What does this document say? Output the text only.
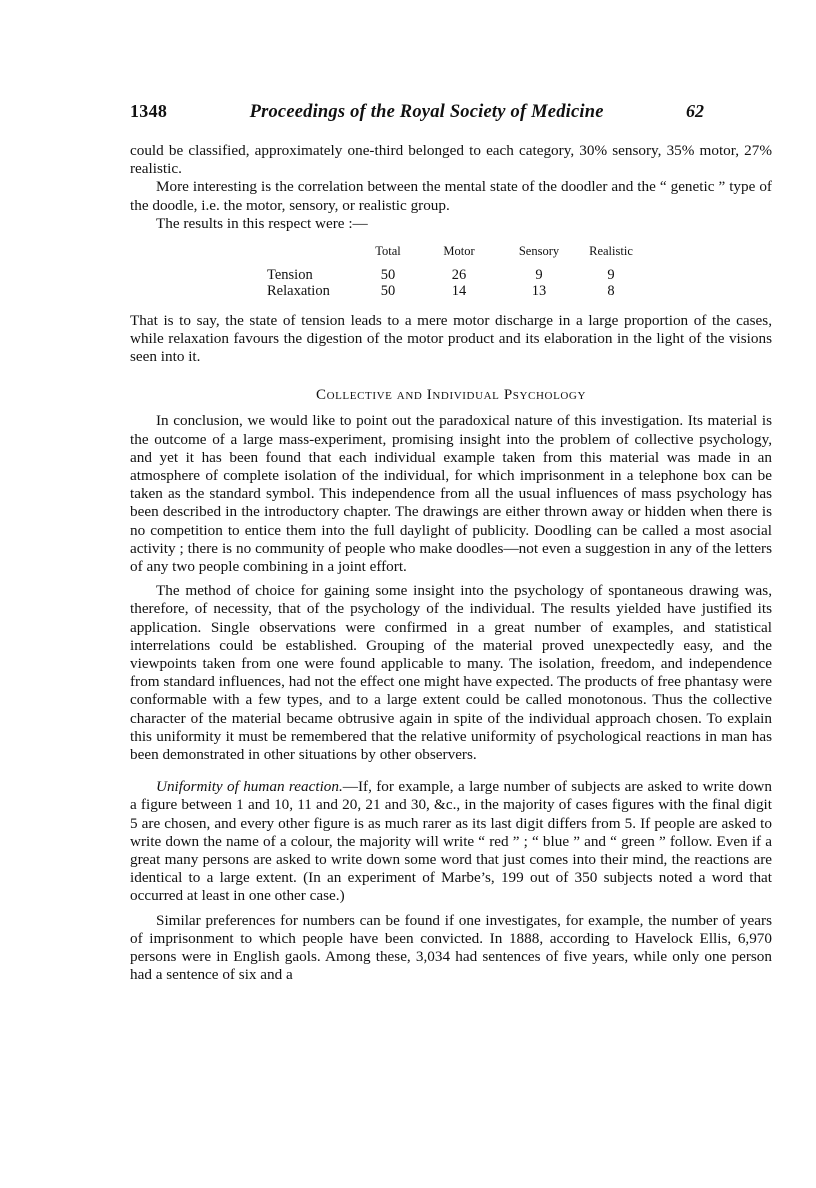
1348	Proceedings of the Royal Society of Medicine	62

could be classified, approximately one-third belonged to each category, 30% sensory, 35% motor, 27% realistic.

More interesting is the correlation between the mental state of the doodler and the “ genetic ” type of the doodle, i.e. the motor, sensory, or realistic group.

The results in this respect were :—

	Total	Motor	Sensory	Realistic
Tension	50	26	9	9
Relaxation	50	14	13	8

That is to say, the state of tension leads to a mere motor discharge in a large proportion of the cases, while relaxation favours the digestion of the motor product and its elaboration in the light of the visions seen into it.

Collective and Individual Psychology

In conclusion, we would like to point out the paradoxical nature of this investigation. Its material is the outcome of a large mass-experiment, promising insight into the problem of collective psychology, and yet it has been found that each individual example taken from this material was made in an atmosphere of complete isolation of the individual, for which imprisonment in a telephone box can be taken as the standard symbol. This independence from all the usual influences of mass psychology has been described in the introductory chapter. The drawings are either thrown away or hidden when there is no competition to entice them into the full daylight of publicity. Doodling can be called a most asocial activity ; there is no community of people who make doodles—not even a suggestion in any of the letters of any two people combining in a joint effort.

The method of choice for gaining some insight into the psychology of spontaneous drawing was, therefore, of necessity, that of the psychology of the individual. The results yielded have justified its application. Single observations were confirmed in a great number of examples, and statistical interrelations could be established. Grouping of the material proved unexpectedly easy, and the viewpoints taken from one were found applicable to many. The isolation, freedom, and independence from standard influences, had not the effect one might have expected. The products of free phantasy were conformable with a few types, and to a large extent could be called monotonous. Thus the collective character of the material became obtrusive again in spite of the individual approach chosen. To explain this uniformity it must be remembered that the relative uniformity of psychological reactions in man has been demonstrated in other situations by other observers.

Uniformity of human reaction.—If, for example, a large number of subjects are asked to write down a figure between 1 and 10, 11 and 20, 21 and 30, &c., in the majority of cases figures with the final digit 5 are chosen, and every other figure is as much rarer as its last digit differs from 5. If people are asked to write down the name of a colour, the majority will write “ red ” ; “ blue ” and “ green ” follow. Even if a great many persons are asked to write down some word that just comes into their mind, the reactions are identical to a large extent. (In an experiment of Marbe’s, 199 out of 350 subjects noted a word that occurred at least in one other case.)

Similar preferences for numbers can be found if one investigates, for example, the number of years of imprisonment to which people have been convicted. In 1888, according to Havelock Ellis, 6,970 persons were in English gaols. Among these, 3,034 had sentences of five years, while only one person had a sentence of six and a
